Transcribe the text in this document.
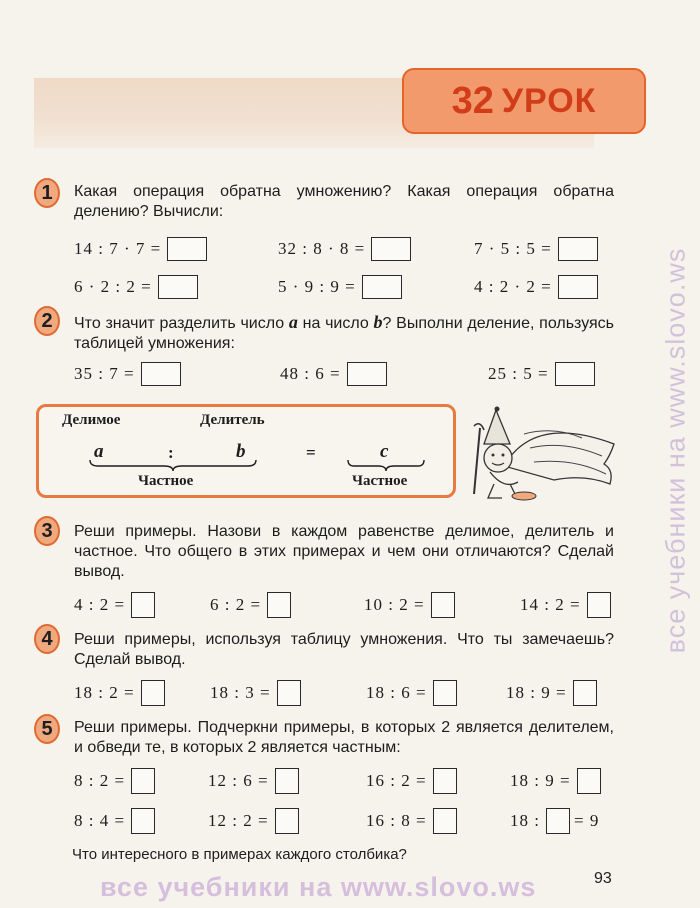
32 УРОК
1 Какая операция обратна умножению? Какая операция обратна делению? Вычисли:
14 : 7 · 7 =	32 : 8 · 8 =	7 · 5 : 5 =
6 · 2 : 2 =	5 · 9 : 9 =	4 : 2 · 2 =
2 Что значит разделить число a на число b? Выполни деление, пользуясь таблицей умножения:
35 : 7 =	48 : 6 =	25 : 5 =
Делимое	Делитель
a	:	b	=	c
Частное	Частное
3 Реши примеры. Назови в каждом равенстве делимое, делитель и частное. Что общего в этих примерах и чем они отличаются? Сделай вывод.
4 : 2 =	6 : 2 =	10 : 2 =	14 : 2 =
4 Реши примеры, используя таблицу умножения. Что ты замечаешь? Сделай вывод.
18 : 2 =	18 : 3 =	18 : 6 =	18 : 9 =
5 Реши примеры. Подчеркни примеры, в которых 2 является делителем, и обведи те, в которых 2 является частным:
8 : 2 =	12 : 6 =	16 : 2 =	18 : 9 =
8 : 4 =	12 : 2 =	16 : 8 =	18 : = 9
Что интересного в примерах каждого столбика?
93
все учебники на www.slovo.ws
все учебники на www.slovo.ws
